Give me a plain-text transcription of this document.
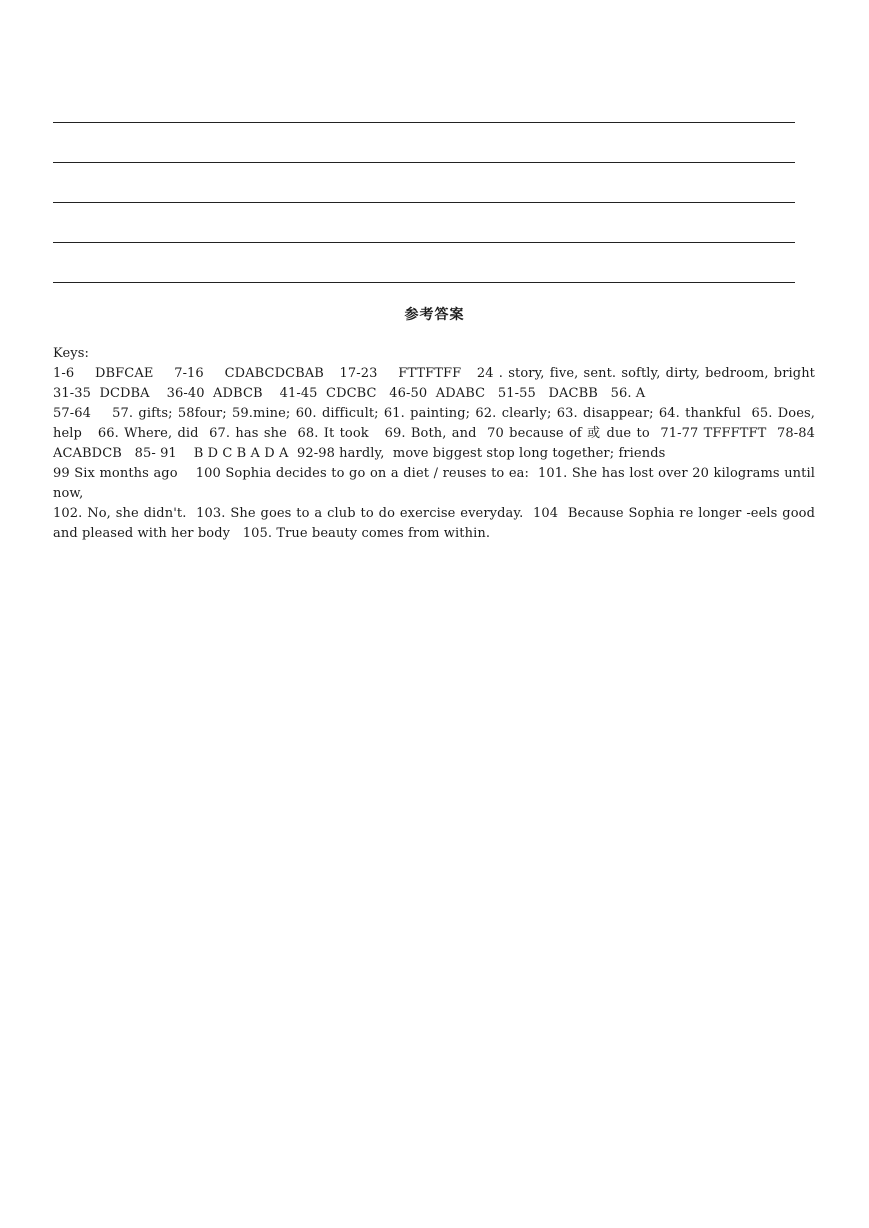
参考答案
Keys:
1-6    DBFCAE    7-16    CDABCDCBAB   17-23    FTTFTFF   24 . story, five, sent. softly, dirty, bedroom, bright   31-35  DCDBA    36-40  ADBCB    41-45  CDCBC   46-50  ADABC   51-55   DACBB   56. A
57-64    57. gifts; 58four; 59.mine; 60. difficult; 61. painting; 62. clearly; 63. disappear; 64. thankful  65. Does, help   66. Where, did  67. has she  68. It took   69. Both, and  70 because of 或 due to  71-77 TFFFTFT  78-84 ACABDCB   85- 91    B D C B A D A  92-98 hardly,  move biggest stop long together; friends
99 Six months ago    100 Sophia decides to go on a diet / reuses to ea:  101. She has lost over 20 kilograms until now,
102. No, she didn't.  103. She goes to a club to do exercise everyday.  104  Because Sophia re longer -eels good and pleased with her body   105. True beauty comes from within.
